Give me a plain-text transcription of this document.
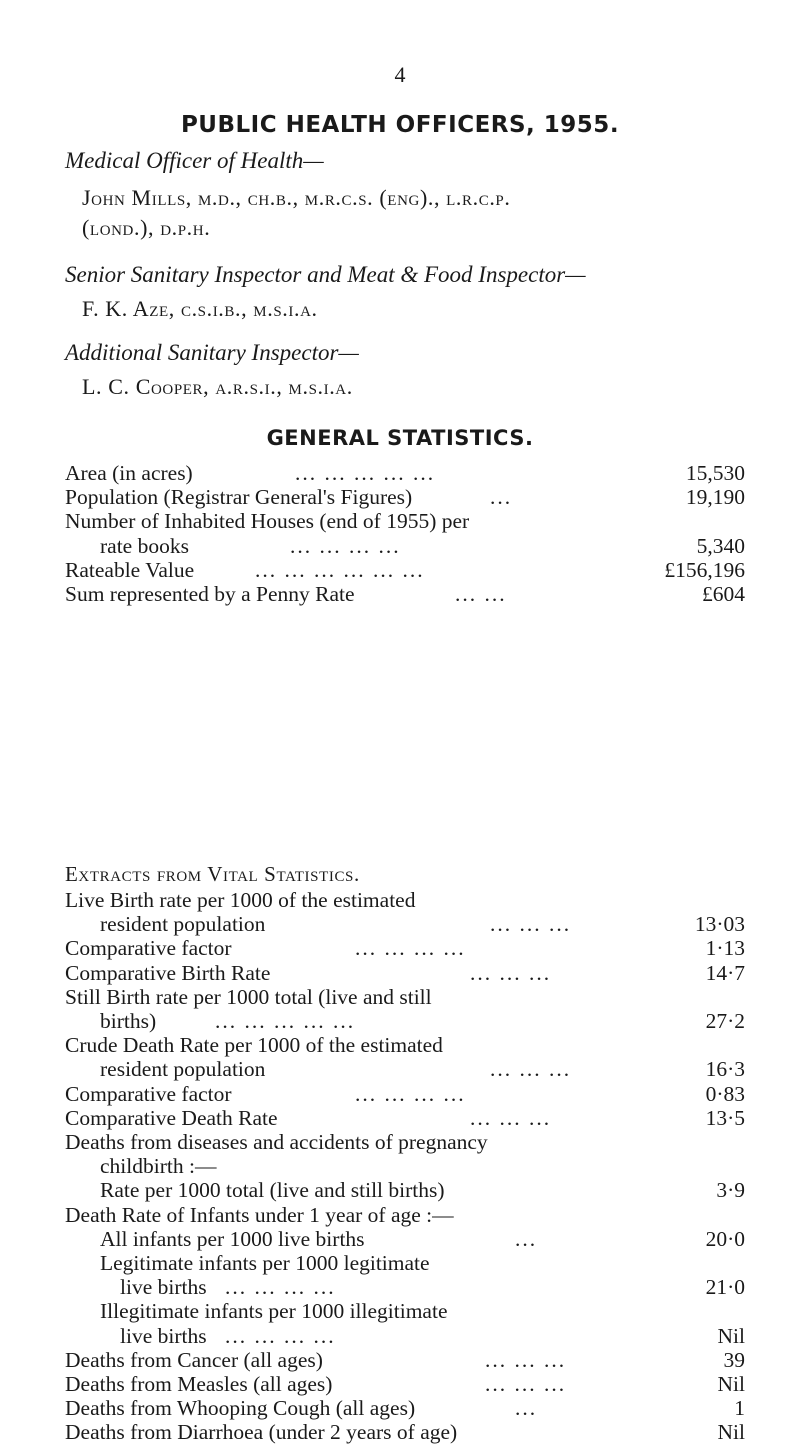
4
PUBLIC HEALTH OFFICERS, 1955.
Medical Officer of Health—
John Mills, m.d., ch.b., m.r.c.s. (eng)., l.r.c.p.
(lond.), d.p.h.
Senior Sanitary Inspector and Meat & Food Inspector—
F. K. Aze, c.s.i.b., m.s.i.a.
Additional Sanitary Inspector—
L. C. Cooper, a.r.s.i., m.s.i.a.
GENERAL STATISTICS.
Area (in acres)	... ... ... ... ...	15,530
Population (Registrar General's Figures)	...	19,190
Number of Inhabited Houses (end of 1955) per
rate books	... ... ... ...	5,340
Rateable Value	... ... ... ... ... ...	£156,196
Sum represented by a Penny Rate	... ...	£604
Extracts from Vital Statistics.
Live Birth rate per 1000 of the estimated
resident population	... ... ...	13·03
Comparative factor	... ... ... ...	1·13
Comparative Birth Rate	... ... ...	14·7
Still Birth rate per 1000 total (live and still
births)	... ... ... ... ...	27·2
Crude Death Rate per 1000 of the estimated
resident population	... ... ...	16·3
Comparative factor	... ... ... ...	0·83
Comparative Death Rate	... ... ...	13·5
Deaths from diseases and accidents of pregnancy
childbirth :—
Rate per 1000 total (live and still births)	3·9
Death Rate of Infants under 1 year of age :—
All infants per 1000 live births	...	20·0
Legitimate infants per 1000 legitimate
live births ... ... ... ...	21·0
Illegitimate infants per 1000 illegitimate
live births ... ... ... ...	Nil
Deaths from Cancer (all ages)	... ... ...	39
Deaths from Measles (all ages)	... ... ...	Nil
Deaths from Whooping Cough (all ages)	...	1
Deaths from Diarrhoea (under 2 years of age)	Nil
